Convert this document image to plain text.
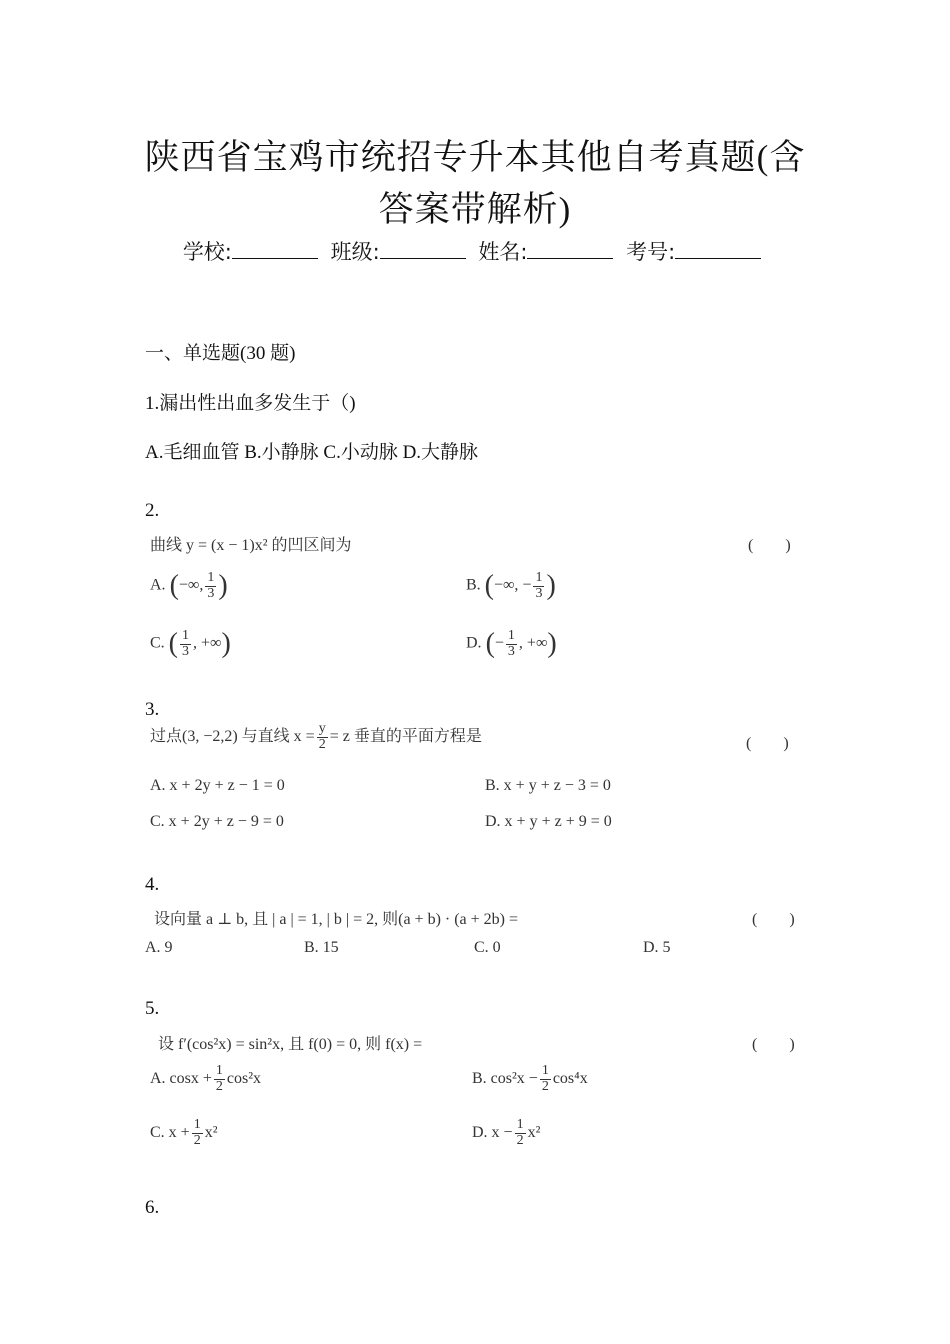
陕西省宝鸡市统招专升本其他自考真题(含
答案带解析)
学校:	班级:	姓名:	考号:
一、单选题(30 题)
1.漏出性出血多发生于（)
A.毛细血管 B.小静脉 C.小动脉 D.大静脉
2.
曲线 y = (x − 1)x² 的凹区间为	(　　)
A. (−∞, $\frac{1}{3}$ )	B. (−∞, − $\frac{1}{3}$ )
C. ( $\frac{1}{3}$ , +∞)	D. (− $\frac{1}{3}$ , +∞)
3.
过点(3, −2,2) 与直线 $x = \frac{y}{2} = z$ 垂直的平面方程是	(　　)
A. x + 2y + z − 1 = 0	B. x + y + z − 3 = 0
C. x + 2y + z − 9 = 0	D. x + y + z + 9 = 0
4.
设向量 a ⊥ b, 且 | a | = 1, | b | = 2, 则(a + b) · (a + 2b) =	(　　)
A. 9	B. 15	C. 0	D. 5
5.
设 f′(cos²x) = sin²x, 且 f(0) = 0, 则 f(x) =	(　　)
A. $\cos x + \frac{1}{2} \cos^2x$	B. $\cos^2x - \frac{1}{2} \cos^4x$
C. $x + \frac{1}{2} x^2$	D. $x - \frac{1}{2} x^2$
6.
